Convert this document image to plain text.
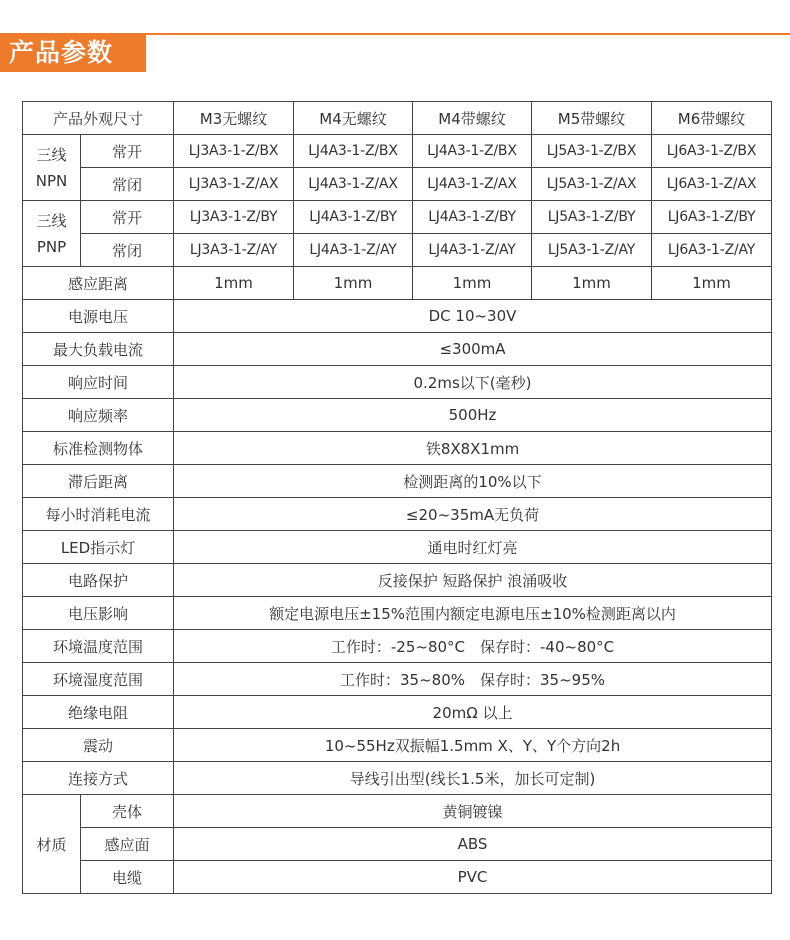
产品参数
产品外观尺寸		M3无螺纹	M4无螺纹	M4带螺纹	M5带螺纹	M6带螺纹

三线
NPN	常开	LJ3A3-1-Z/BX	LJ4A3-1-Z/BX	LJ4A3-1-Z/BX	LJ5A3-1-Z/BX	LJ6A3-1-Z/BX
	常闭	LJ3A3-1-Z/AX	LJ4A3-1-Z/AX	LJ4A3-1-Z/AX	LJ5A3-1-Z/AX	LJ6A3-1-Z/AX

三线
PNP	常开	LJ3A3-1-Z/BY	LJ4A3-1-Z/BY	LJ4A3-1-Z/BY	LJ5A3-1-Z/BY	LJ6A3-1-Z/BY
	常闭	LJ3A3-1-Z/AY	LJ4A3-1-Z/AY	LJ4A3-1-Z/AY	LJ5A3-1-Z/AY	LJ6A3-1-Z/AY
感应距离		1mm	1mm	1mm	1mm	1mm
电源电压		DC 10~30V				
最大负载电流		≤300mA				
响应时间		0.2ms以下(毫秒)				
响应频率		500Hz				
标准检测物体		铁8X8X1mm				
滞后距离		检测距离的10%以下				
每小时消耗电流		≤20~35mA无负荷				
LED指示灯		通电时红灯亮				
电路保护		反接保护 短路保护 浪涌吸收				
电压影响		额定电源电压±15%范围内额定电源电压±10%检测距离以内				
环境温度范围		工作时：-25~80°C　保存时：-40~80°C				
环境湿度范围		工作时：35~80%　保存时：35~95%				
绝缘电阻		20mΩ 以上				
震动		10~55Hz双振幅1.5mm X、Y、Y个方向2h				
连接方式		导线引出型(线长1.5米，加长可定制)				
材质	壳体	黄铜镀镍				
	感应面	ABS				
	电缆	PVC				
